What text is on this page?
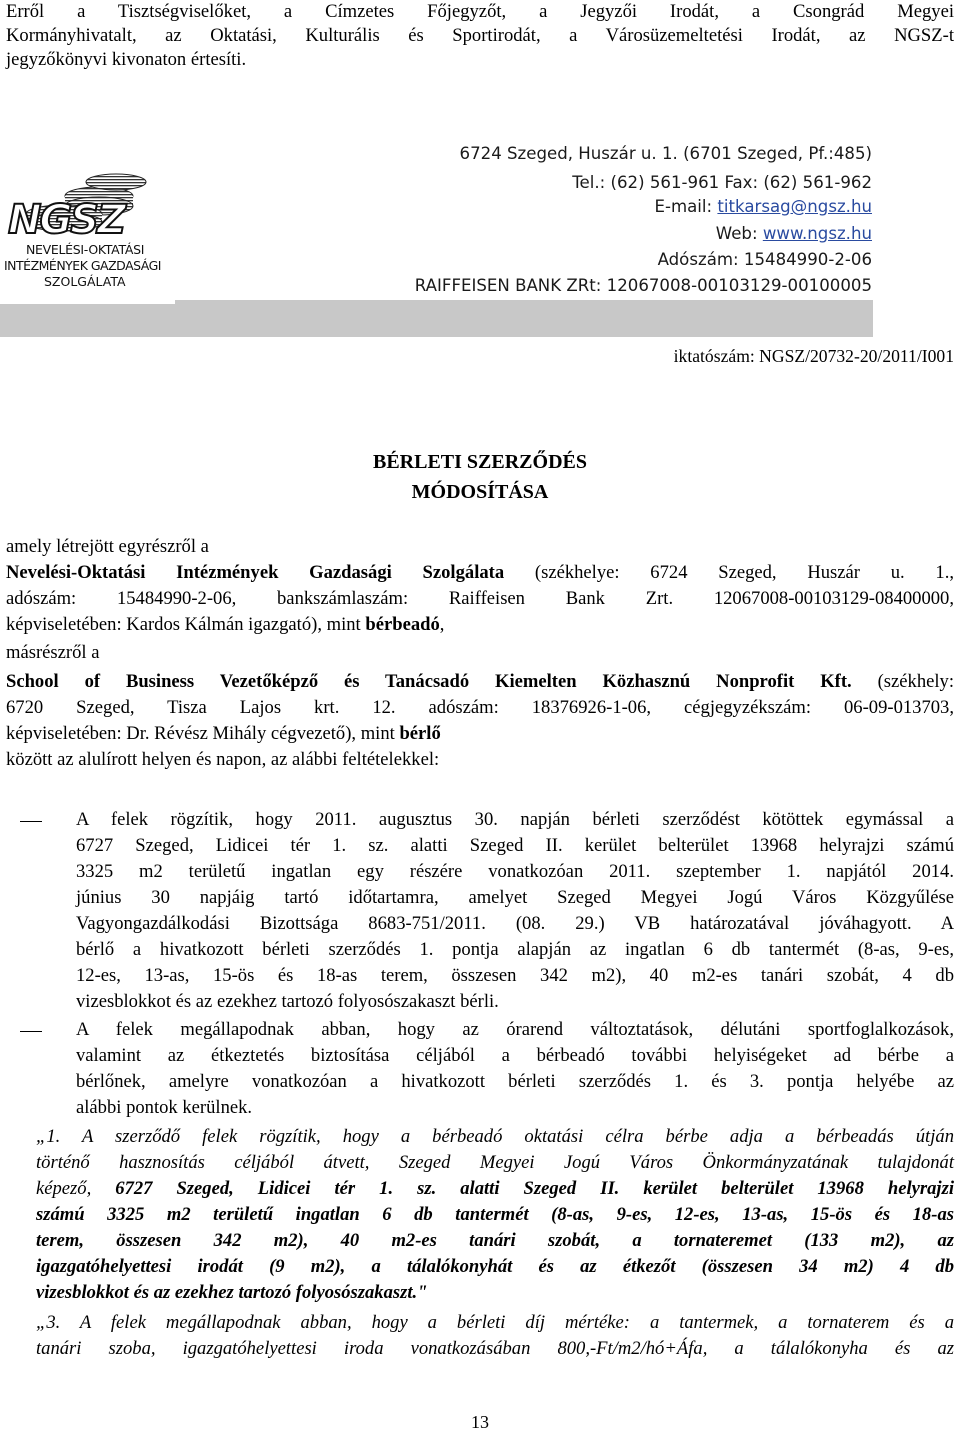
Erről a Tisztségviselőket, a Címzetes Főjegyzőt, a Jegyzői Irodát, a Csongrád Megyei
Kormányhivatalt, az Oktatási, Kulturális és Sportirodát, a Városüzemeltetési Irodát, az NGSZ-t
jegyzőkönyvi kivonaton értesíti.
NGSZ
NEVELÉSI-OKTATÁSI
INTÉZMÉNYEK GAZDASÁGI
SZOLGÁLATA
6724 Szeged, Huszár u. 1. (6701 Szeged, Pf.:485)
Tel.: (62) 561-961 Fax: (62) 561-962
E-mail: titkarsag@ngsz.hu
Web: www.ngsz.hu
Adószám: 15484990-2-06
RAIFFEISEN BANK ZRt: 12067008-00103129-00100005
iktatószám: NGSZ/20732-20/2011/I001
BÉRLETI SZERZŐDÉS
MÓDOSÍTÁSA
amely létrejött egyrészről a
Nevelési-Oktatási Intézmények Gazdasági Szolgálata (székhelye: 6724 Szeged, Huszár u. 1.,
adószám: 15484990-2-06, bankszámlaszám: Raiffeisen Bank Zrt. 12067008-00103129-08400000,
képviseletében: Kardos Kálmán igazgató), mint bérbeadó,
másrészről a
School of Business Vezetőképző és Tanácsadó Kiemelten Közhasznú Nonprofit Kft. (székhely:
6720 Szeged, Tisza Lajos krt. 12. adószám: 18376926-1-06, cégjegyzékszám: 06-09-013703,
képviseletében: Dr. Révész Mihály cégvezető), mint bérlő
között az alulírott helyen és napon, az alábbi feltételekkel:
A felek rögzítik, hogy 2011. augusztus 30. napján bérleti szerződést kötöttek egymással a
6727 Szeged, Lidicei tér 1. sz. alatti Szeged II. kerület belterület 13968 helyrajzi számú
3325 m2 területű ingatlan egy részére vonatkozóan 2011. szeptember 1. napjától 2014.
június 30 napjáig tartó időtartamra, amelyet Szeged Megyei Jogú Város Közgyűlése
Vagyongazdálkodási Bizottsága 8683-751/2011. (08. 29.) VB határozatával jóváhagyott. A
bérlő a hivatkozott bérleti szerződés 1. pontja alapján az ingatlan 6 db tantermét (8-as, 9-es,
12-es, 13-as, 15-ös és 18-as terem, összesen 342 m2), 40 m2-es tanári szobát, 4 db
vizesblokkot és az ezekhez tartozó folyosószakaszt bérli.
A felek megállapodnak abban, hogy az órarend változtatások, délutáni sportfoglalkozások,
valamint az étkeztetés biztosítása céljából a bérbeadó további helyiségeket ad bérbe a
bérlőnek, amelyre vonatkozóan a hivatkozott bérleti szerződés 1. és 3. pontja helyébe az
alábbi pontok kerülnek.
„1. A szerződő felek rögzítik, hogy a bérbeadó oktatási célra bérbe adja a bérbeadás útján
történő hasznosítás céljából átvett, Szeged Megyei Jogú Város Önkormányzatának tulajdonát
képező, 6727 Szeged, Lidicei tér 1. sz. alatti Szeged II. kerület belterület 13968 helyrajzi
számú 3325 m2 területű ingatlan 6 db tantermét (8-as, 9-es, 12-es, 13-as, 15-ös és 18-as
terem, összesen 342 m2), 40 m2-es tanári szobát, a tornateremet (133 m2), az
igazgatóhelyettesi irodát (9 m2), a tálalókonyhát és az étkezőt (összesen 34 m2) 4 db
vizesblokkot és az ezekhez tartozó folyosószakaszt."
„3. A felek megállapodnak abban, hogy a bérleti díj mértéke: a tantermek, a tornaterem és a
tanári szoba, igazgatóhelyettesi iroda vonatkozásában 800,-Ft/m2/hó+Áfa, a tálalókonyha és az
13
